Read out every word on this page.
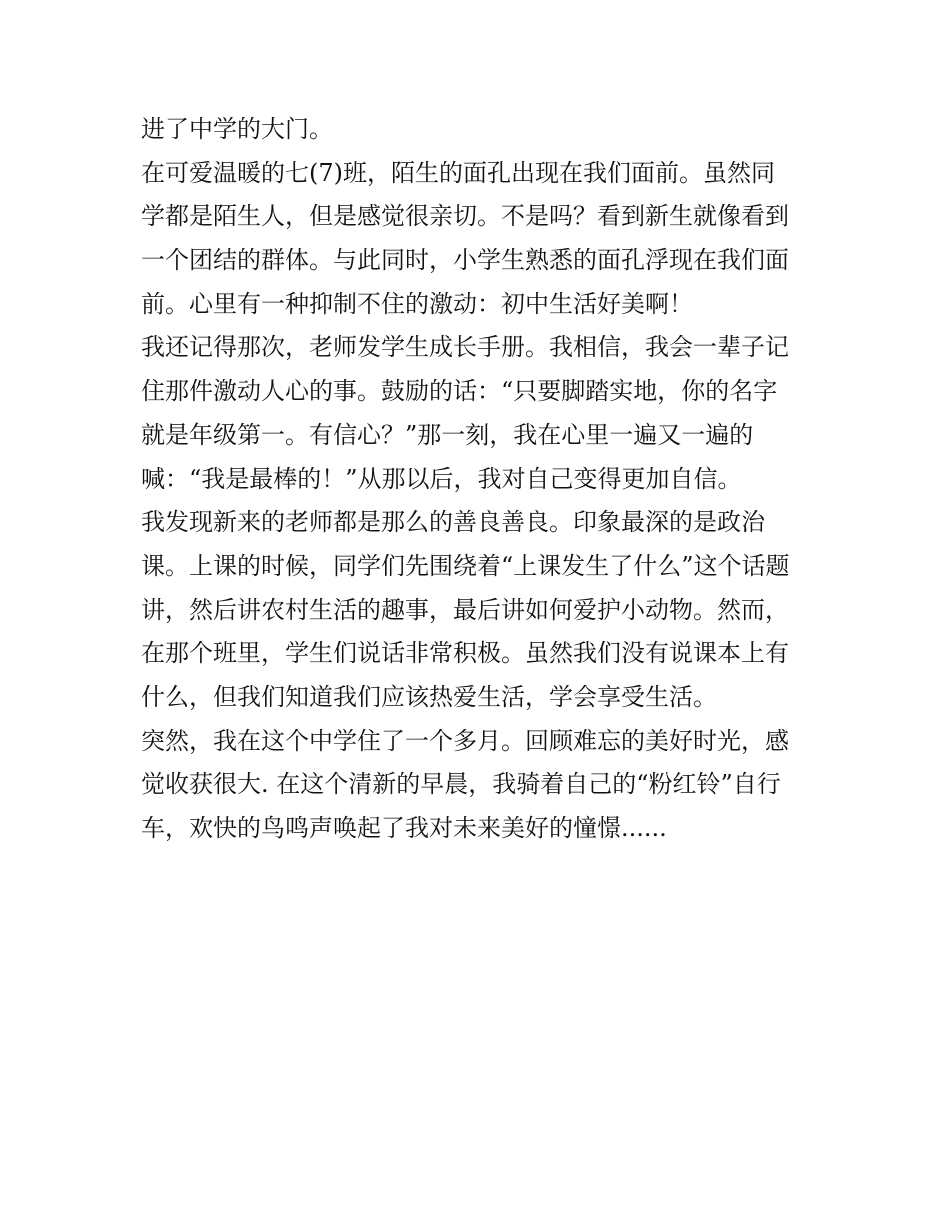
进了中学的大门。
在可爱温暖的七(7)班，陌生的面孔出现在我们面前。虽然同
学都是陌生人，但是感觉很亲切。不是吗？看到新生就像看到
一个团结的群体。与此同时，小学生熟悉的面孔浮现在我们面
前。心里有一种抑制不住的激动：初中生活好美啊！
我还记得那次，老师发学生成长手册。我相信，我会一辈子记
住那件激动人心的事。鼓励的话：“只要脚踏实地，你的名字
就是年级第一。有信心？”那一刻，我在心里一遍又一遍的
喊：“我是最棒的！”从那以后，我对自己变得更加自信。
我发现新来的老师都是那么的善良善良。印象最深的是政治
课。上课的时候，同学们先围绕着“上课发生了什么”这个话题
讲，然后讲农村生活的趣事，最后讲如何爱护小动物。然而，
在那个班里，学生们说话非常积极。虽然我们没有说课本上有
什么，但我们知道我们应该热爱生活，学会享受生活。
突然，我在这个中学住了一个多月。回顾难忘的美好时光，感
觉收获很大. 在这个清新的早晨，我骑着自己的“粉红铃”自行
车，欢快的鸟鸣声唤起了我对未来美好的憧憬......
